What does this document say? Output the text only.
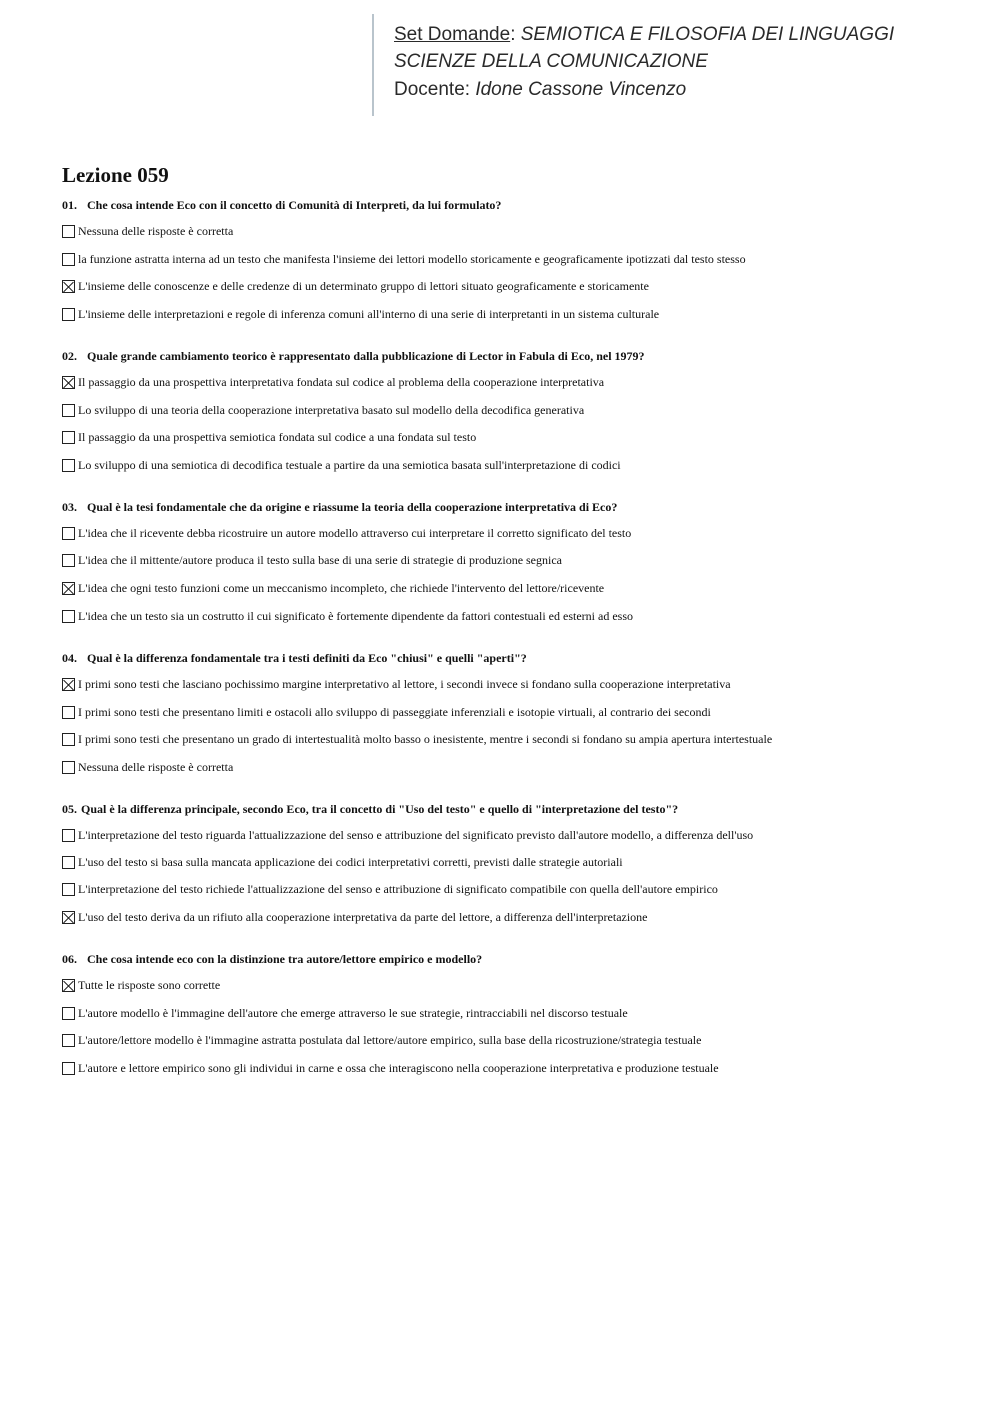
Set Domande: SEMIOTICA E FILOSOFIA DEI LINGUAGGI
SCIENZE DELLA COMUNICAZIONE
Docente: Idone Cassone Vincenzo
Lezione 059
01. Che cosa intende Eco con il concetto di Comunità di Interpreti, da lui formulato?
Nessuna delle risposte è corretta
la funzione astratta interna ad un testo che manifesta l'insieme dei lettori modello storicamente e geograficamente ipotizzati dal testo stesso
L'insieme delle conoscenze e delle credenze di un determinato gruppo di lettori situato geograficamente e storicamente
L'insieme delle interpretazioni e regole di inferenza comuni all'interno di una serie di interpretanti in un sistema culturale
02. Quale grande cambiamento teorico è rappresentato dalla pubblicazione di Lector in Fabula di Eco, nel 1979?
Il passaggio da una prospettiva interpretativa fondata sul codice al problema della cooperazione interpretativa
Lo sviluppo di una teoria della cooperazione interpretativa basato sul modello della decodifica generativa
Il passaggio da una prospettiva semiotica fondata sul codice a una fondata sul testo
Lo sviluppo di una semiotica di decodifica testuale a partire da una semiotica basata sull'interpretazione di codici
03. Qual è la tesi fondamentale che da origine e riassume la teoria della cooperazione interpretativa di Eco?
L'idea che il ricevente debba ricostruire un autore modello attraverso cui interpretare il corretto significato del testo
L'idea che il mittente/autore produca il testo sulla base di una serie di strategie di produzione segnica
L'idea che ogni testo funzioni come un meccanismo incompleto, che richiede l'intervento del lettore/ricevente
L'idea che un testo sia un costrutto il cui significato è fortemente dipendente da fattori contestuali ed esterni ad esso
04. Qual è la differenza fondamentale tra i testi definiti da Eco "chiusi" e quelli "aperti"?
I primi sono testi che lasciano pochissimo margine interpretativo al lettore, i secondi invece si fondano sulla cooperazione interpretativa
I primi sono testi che presentano limiti e ostacoli allo sviluppo di passeggiate inferenziali e isotopie virtuali, al contrario dei secondi
I primi sono testi che presentano un grado di intertestualità molto basso o inesistente, mentre i secondi si fondano su ampia apertura intertestuale
Nessuna delle risposte è corretta
05. Qual è la differenza principale, secondo Eco, tra il concetto di "Uso del testo" e quello di "interpretazione del testo"?
L'interpretazione del testo riguarda l'attualizzazione del senso e attribuzione del significato previsto dall'autore modello, a differenza dell'uso
L'uso del testo si basa sulla mancata applicazione dei codici interpretativi corretti, previsti dalle strategie autoriali
L'interpretazione del testo richiede l'attualizzazione del senso e attribuzione di significato compatibile con quella dell'autore empirico
L'uso del testo deriva da un rifiuto alla cooperazione interpretativa da parte del lettore, a differenza dell'interpretazione
06. Che cosa intende eco con la distinzione tra autore/lettore empirico e modello?
Tutte le risposte sono corrette
L'autore modello è l'immagine dell'autore che emerge attraverso le sue strategie, rintracciabili nel discorso testuale
L'autore/lettore modello è l'immagine astratta postulata dal lettore/autore empirico, sulla base della ricostruzione/strategia testuale
L'autore e lettore empirico sono gli individui in carne e ossa che interagiscono nella cooperazione interpretativa e produzione testuale
